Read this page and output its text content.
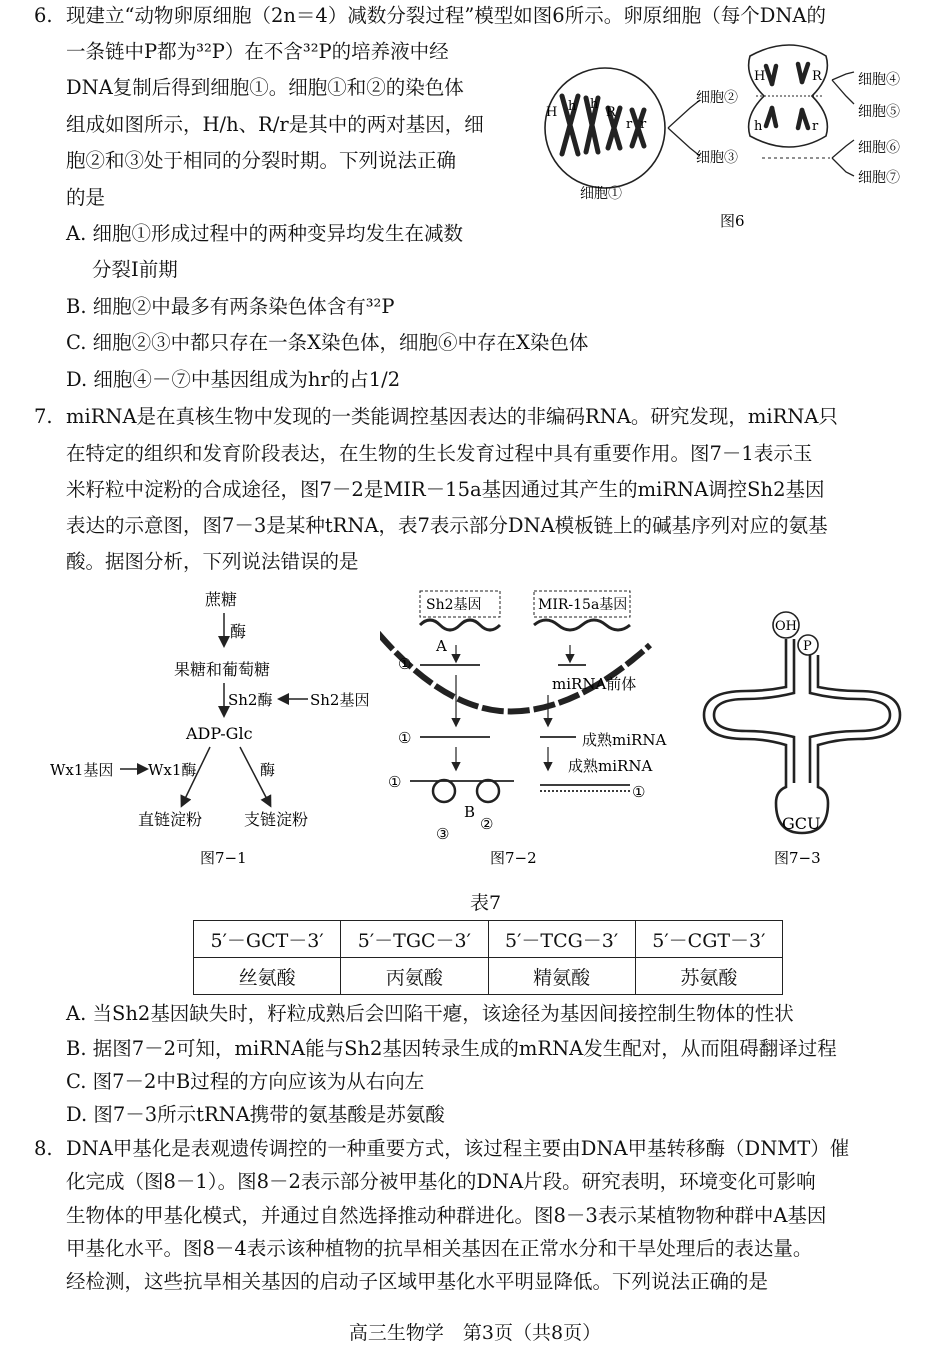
6. 现建立“动物卵原细胞（2n＝4）减数分裂过程”模型如图6所示。卵原细胞（每个DNA的
一条链中P都为³²P）在不含³²P的培养液中经
DNA复制后得到细胞①。细胞①和②的染色体
组成如图所示，H/h、R/r是其中的两对基因，细
胞②和③处于相同的分裂时期。下列说法正确
的是
A. 细胞①形成过程中的两种变异均发生在减数
分裂Ⅰ前期
B. 细胞②中最多有两条染色体含有³²P
C. 细胞②③中都只存在一条X染色体，细胞⑥中存在X染色体
D. 细胞④－⑦中基因组成为hr的占1/2
H h h
R
r r
细胞①
细胞②
细胞③
H	R
h	r
细胞④
细胞⑤
细胞⑥
细胞⑦
图6
7. miRNA是在真核生物中发现的一类能调控基因表达的非编码RNA。研究发现，miRNA只
在特定的组织和发育阶段表达，在生物的生长发育过程中具有重要作用。图7－1表示玉
米籽粒中淀粉的合成途径，图7－2是MIR－15a基因通过其产生的miRNA调控Sh2基因
表达的示意图，图7－3是某种tRNA，表7表示部分DNA模板链上的碱基序列对应的氨基
酸。据图分析，下列说法错误的是
蔗糖
酶
果糖和葡萄糖
Sh2酶	Sh2基因
ADP-Glc
Wx1基因 Wx1酶	酶
直链淀粉	支链淀粉
图7−1
Sh2基因	MIR-15a基因
A
①
miRNA前体
①	成熟miRNA
成熟miRNA
①
B
③
②
①
图7−2
OH
P
GCU
图7−3
表7
5′－GCT－3′	5′－TGC－3′	5′－TCG－3′	5′－CGT－3′
丝氨酸	丙氨酸	精氨酸	苏氨酸
A. 当Sh2基因缺失时，籽粒成熟后会凹陷干瘪，该途径为基因间接控制生物体的性状
B. 据图7－2可知，miRNA能与Sh2基因转录生成的mRNA发生配对，从而阻碍翻译过程
C. 图7－2中B过程的方向应该为从右向左
D. 图7－3所示tRNA携带的氨基酸是苏氨酸
8. DNA甲基化是表观遗传调控的一种重要方式，该过程主要由DNA甲基转移酶（DNMT）催
化完成（图8－1）。图8－2表示部分被甲基化的DNA片段。研究表明，环境变化可影响
生物体的甲基化模式，并通过自然选择推动种群进化。图8－3表示某植物物种群中A基因
甲基化水平。图8－4表示该种植物的抗旱相关基因在正常水分和干旱处理后的表达量。
经检测，这些抗旱相关基因的启动子区域甲基化水平明显降低。下列说法正确的是
高三生物学　第3页（共8页）
